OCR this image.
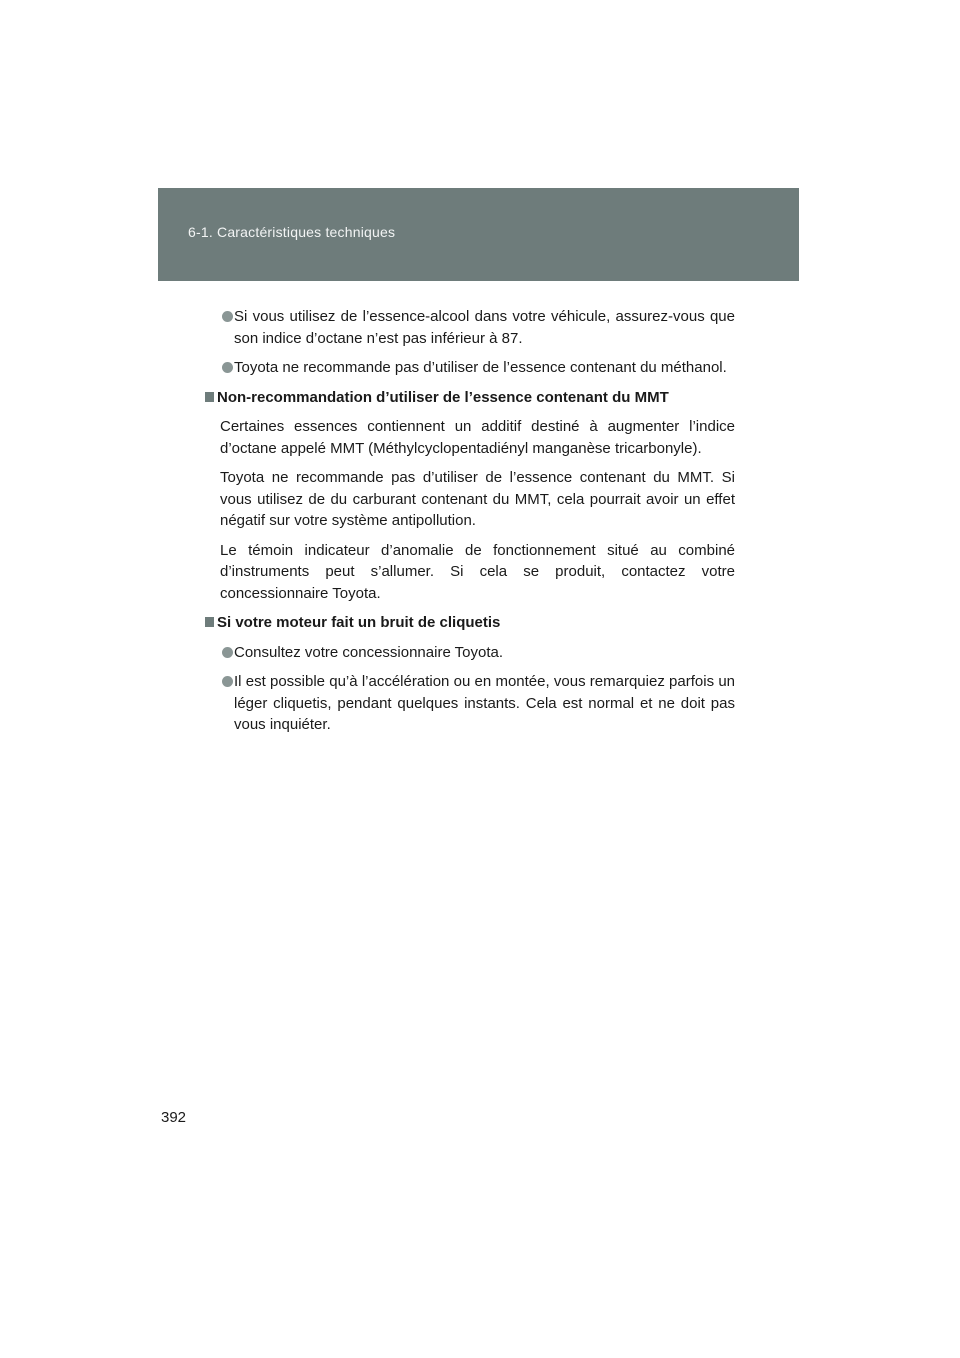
6-1. Caractéristiques techniques
Si vous utilisez de l’essence-alcool dans votre véhicule, assurez-vous que son indice d’octane n’est pas inférieur à 87.
Toyota ne recommande pas d’utiliser de l’essence contenant du méthanol.
Non-recommandation d’utiliser de l’essence contenant du MMT

Certaines essences contiennent un additif destiné à augmenter l’indice d’octane appelé MMT (Méthylcyclopentadiényl manganèse tricarbonyle).

Toyota ne recommande pas d’utiliser de l’essence contenant du MMT. Si vous utilisez de du carburant contenant du MMT, cela pourrait avoir un effet négatif sur votre système antipollution.

Le témoin indicateur d’anomalie de fonctionnement situé au combiné d’instruments peut s’allumer. Si cela se produit, contactez votre concessionnaire Toyota.

Si votre moteur fait un bruit de cliquetis
Consultez votre concessionnaire Toyota.
Il est possible qu’à l’accélération ou en montée, vous remarquiez parfois un léger cliquetis, pendant quelques instants. Cela est normal et ne doit pas vous inquiéter.
392
